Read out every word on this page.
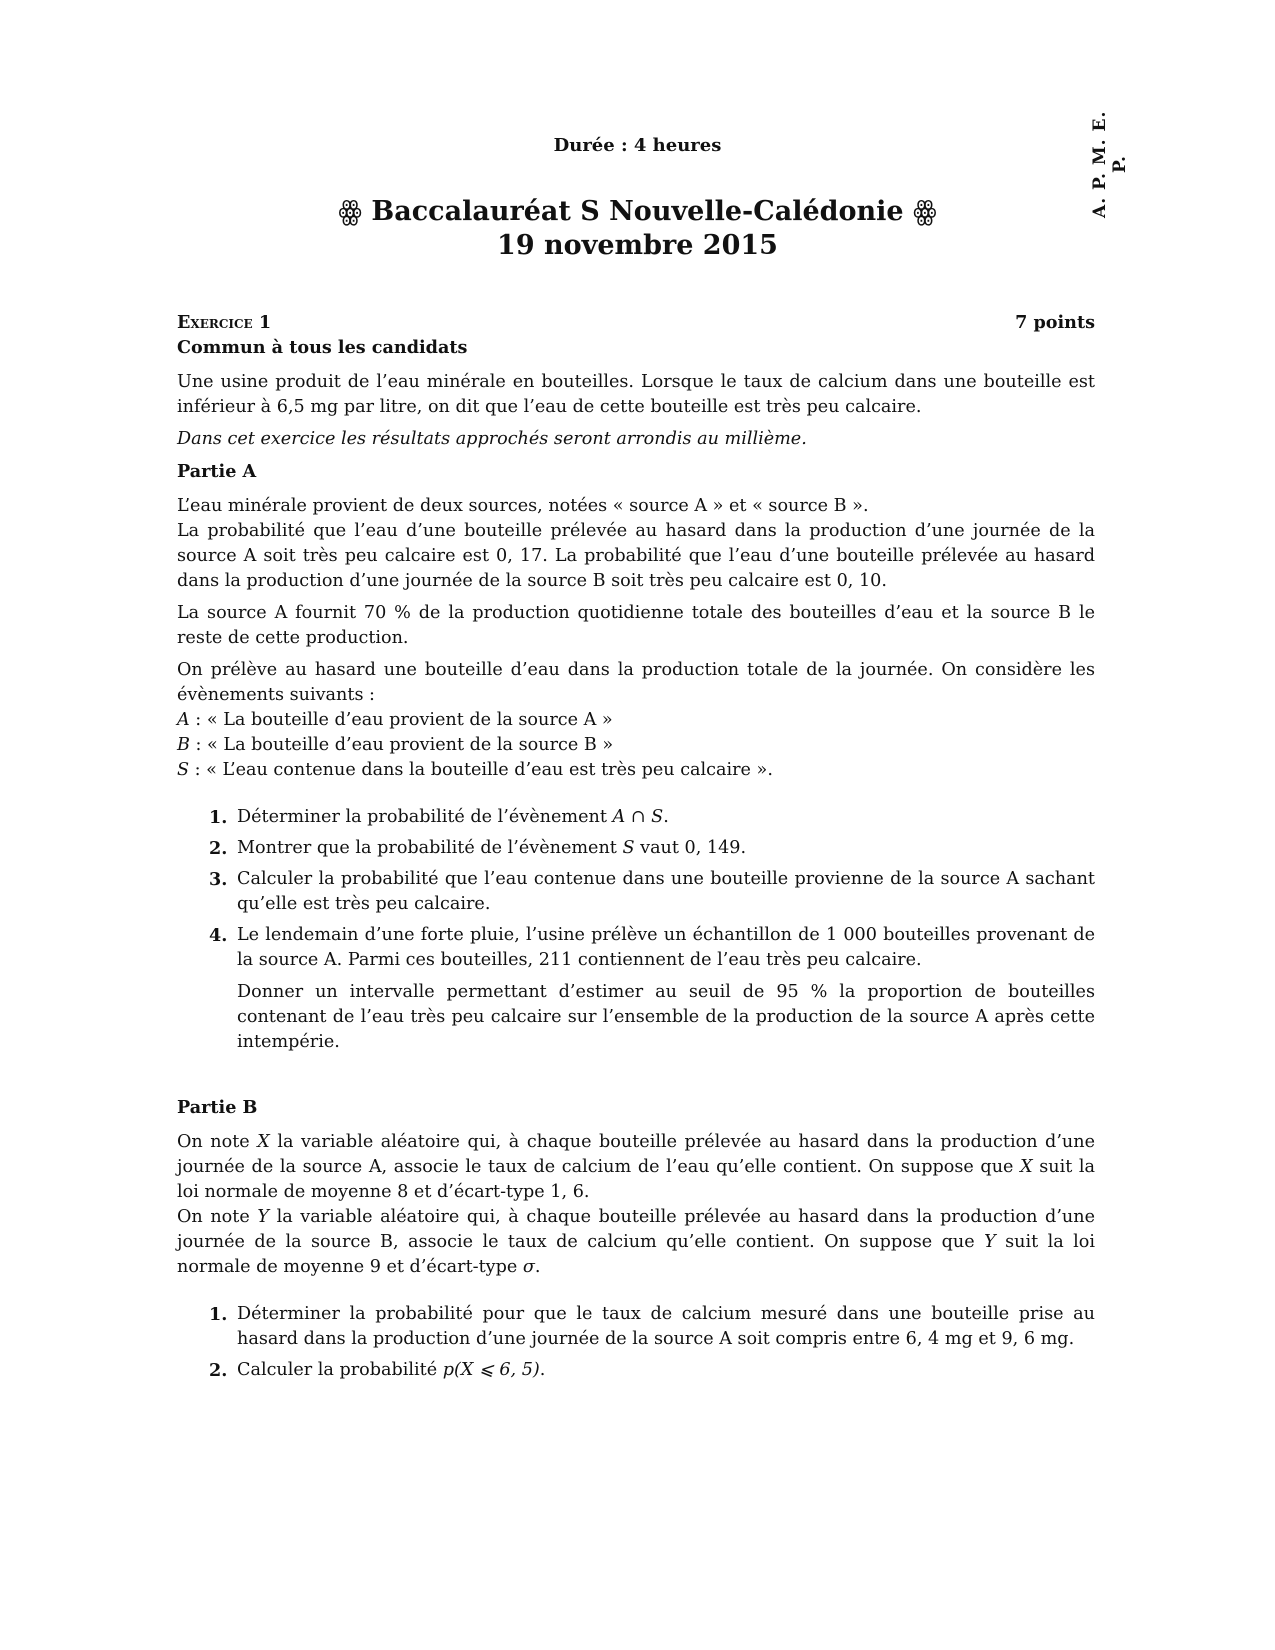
A. P. M. E. P.
Durée : 4 heures
ꙮ Baccalauréat S Nouvelle-Calédonie ꙮ
19 novembre 2015
Exercice 1	7 points
Commun à tous les candidats

Une usine produit de l’eau minérale en bouteilles. Lorsque le taux de calcium dans une bouteille est inférieur à 6,5 mg par litre, on dit que l’eau de cette bouteille est très peu calcaire.

Dans cet exercice les résultats approchés seront arrondis au millième.

Partie A

L’eau minérale provient de deux sources, notées « source A » et « source B ».

La probabilité que l’eau d’une bouteille prélevée au hasard dans la production d’une journée de la source A soit très peu calcaire est 0, 17. La probabilité que l’eau d’une bouteille prélevée au hasard dans la production d’une journée de la source B soit très peu calcaire est 0, 10.

La source A fournit 70 % de la production quotidienne totale des bouteilles d’eau et la source B le reste de cette production.

On prélève au hasard une bouteille d’eau dans la production totale de la journée. On considère les évènements suivants :

A : « La bouteille d’eau provient de la source A »
B : « La bouteille d’eau provient de la source B »
S : « L’eau contenue dans la bouteille d’eau est très peu calcaire ».
1. Déterminer la probabilité de l’évènement A ∩ S.
2. Montrer que la probabilité de l’évènement S vaut 0, 149.
3. Calculer la probabilité que l’eau contenue dans une bouteille provienne de la source A sachant qu’elle est très peu calcaire.
4. Le lendemain d’une forte pluie, l’usine prélève un échantillon de 1 000 bouteilles provenant de la source A. Parmi ces bouteilles, 211 contiennent de l’eau très peu calcaire.
Donner un intervalle permettant d’estimer au seuil de 95 % la proportion de bouteilles contenant de l’eau très peu calcaire sur l’ensemble de la production de la source A après cette intempérie.
Partie B

On note X la variable aléatoire qui, à chaque bouteille prélevée au hasard dans la production d’une journée de la source A, associe le taux de calcium de l’eau qu’elle contient. On suppose que X suit la loi normale de moyenne 8 et d’écart-type 1, 6.

On note Y la variable aléatoire qui, à chaque bouteille prélevée au hasard dans la production d’une journée de la source B, associe le taux de calcium qu’elle contient. On suppose que Y suit la loi normale de moyenne 9 et d’écart-type σ.

1. Déterminer la probabilité pour que le taux de calcium mesuré dans une bouteille prise au hasard dans la production d’une journée de la source A soit compris entre 6, 4 mg et 9, 6 mg.
2. Calculer la probabilité p(X ⩽ 6, 5).
